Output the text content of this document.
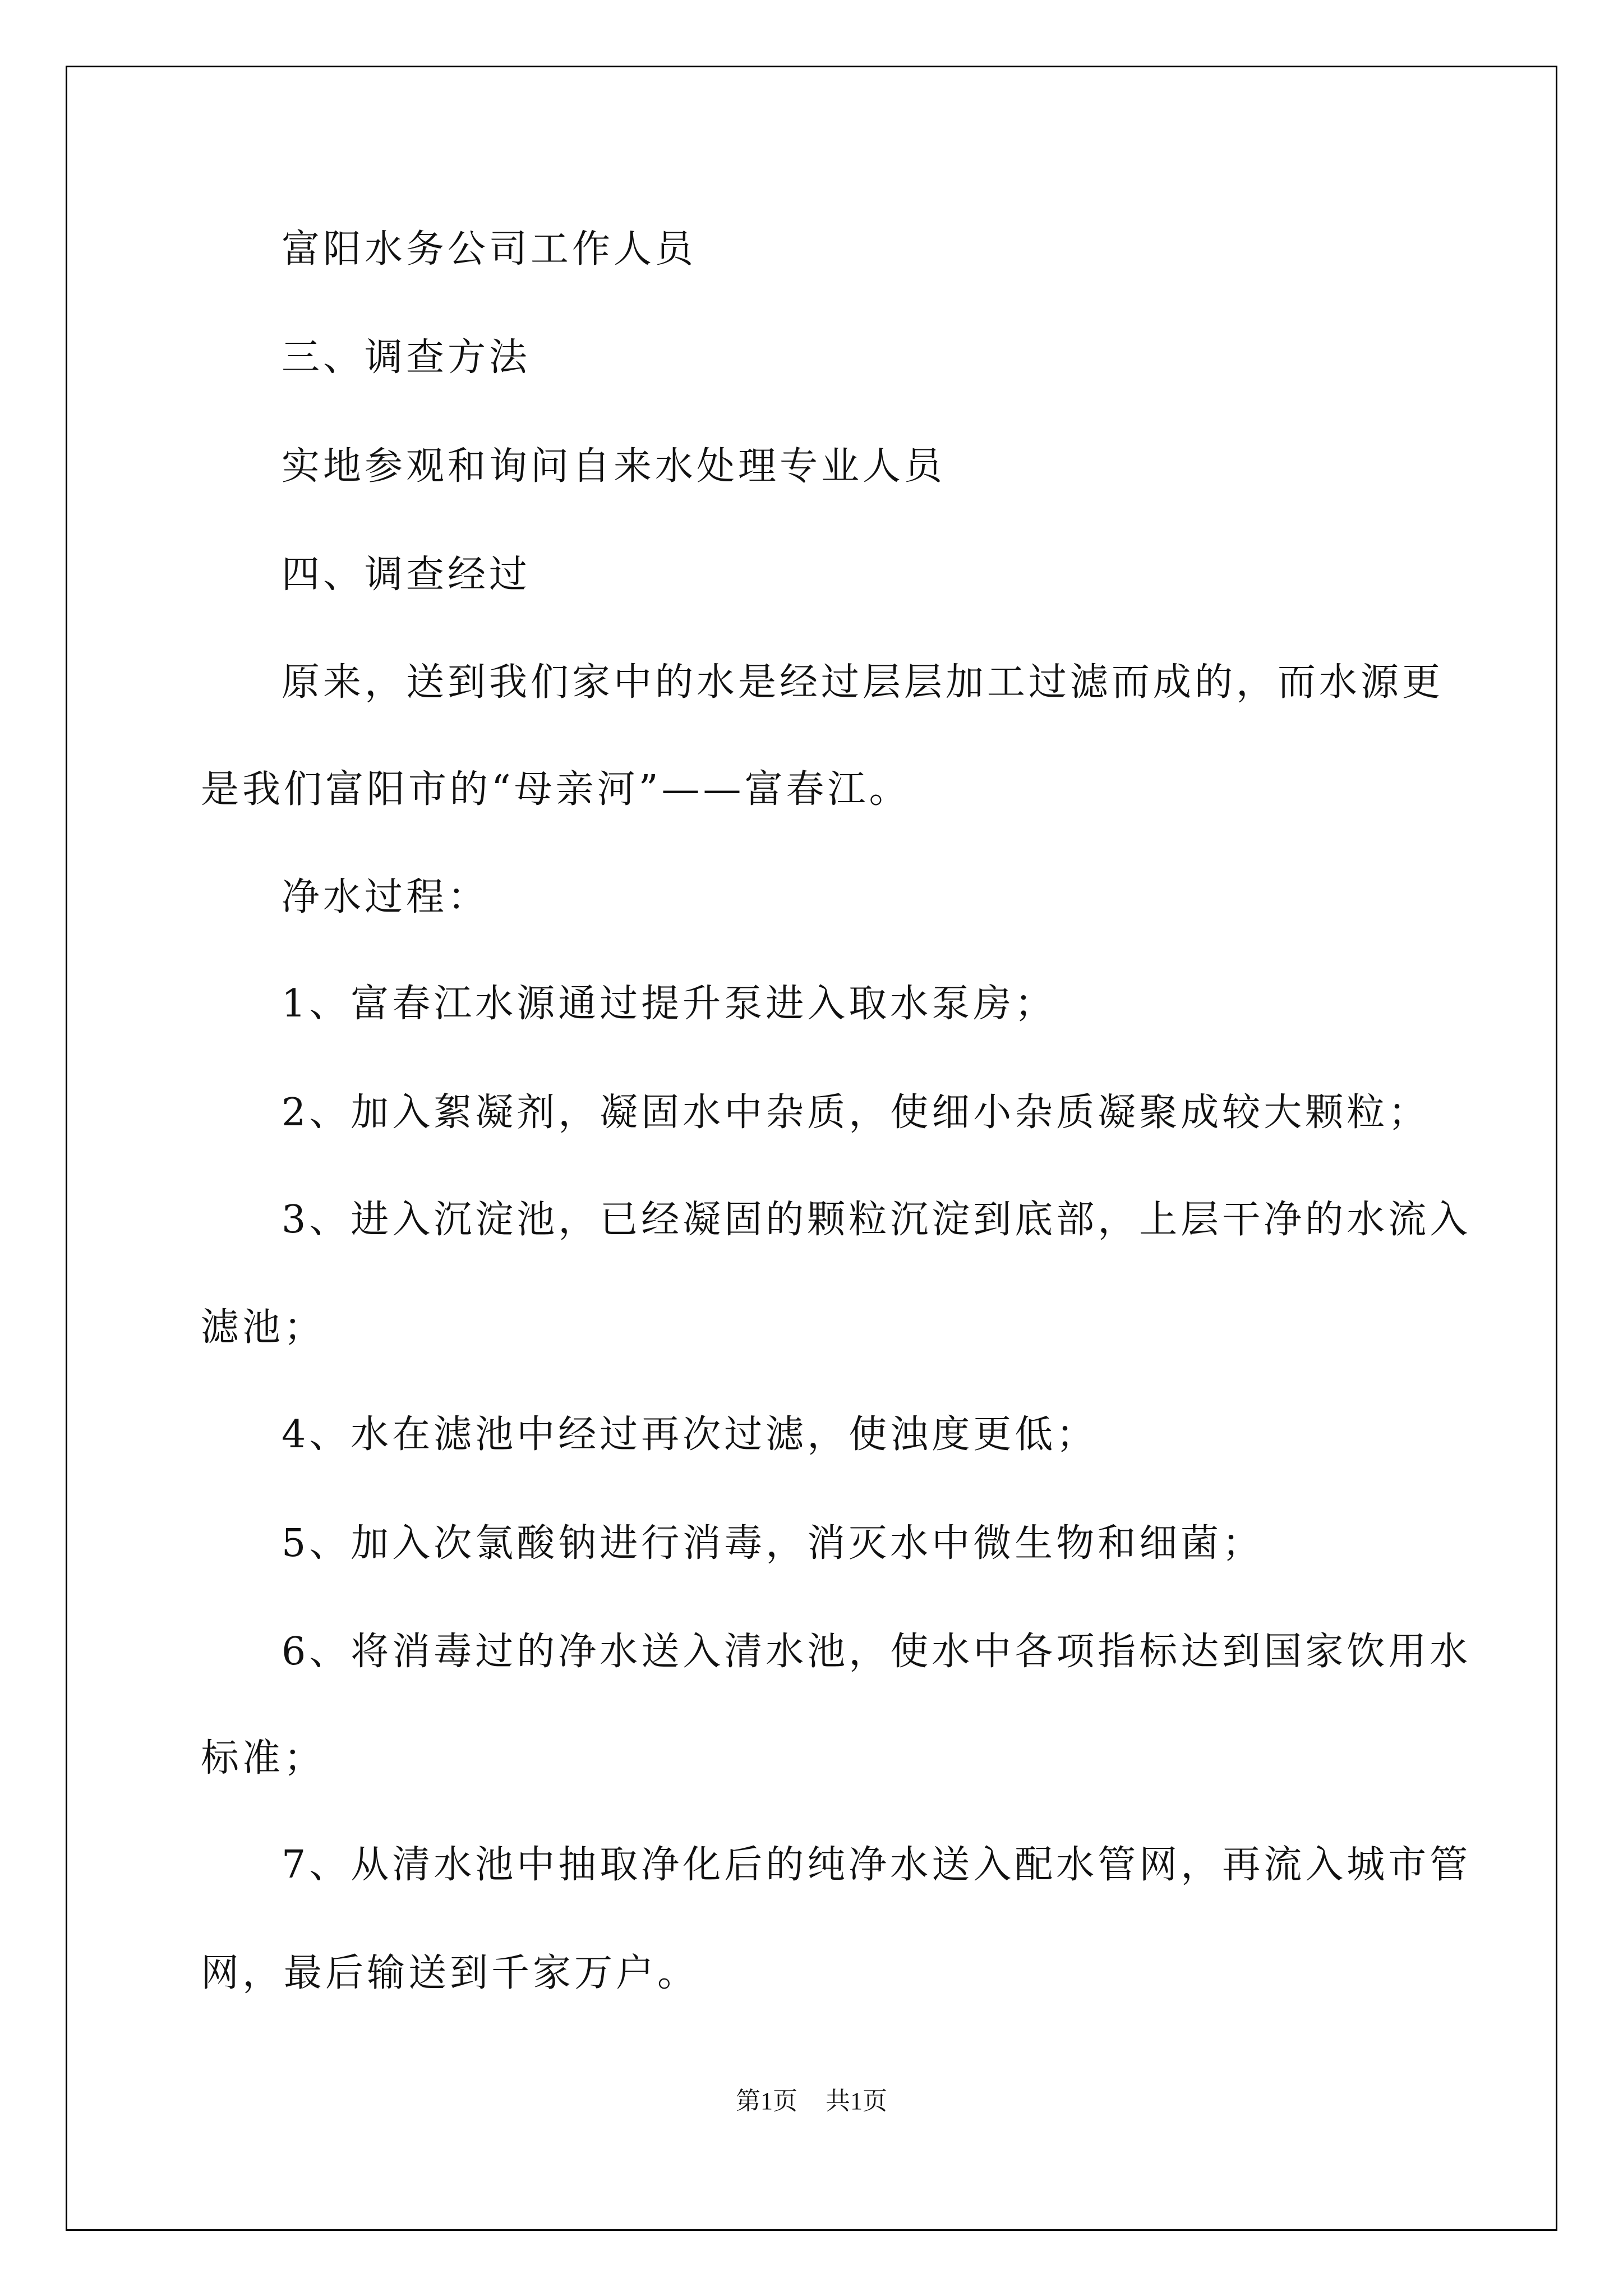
富阳水务公司工作人员

三、调查方法

实地参观和询问自来水处理专业人员

四、调查经过

原来，送到我们家中的水是经过层层加工过滤而成的，而水源更

是我们富阳市的“母亲河”——富春江。

净水过程：

1、富春江水源通过提升泵进入取水泵房；

2、加入絮凝剂，凝固水中杂质，使细小杂质凝聚成较大颗粒；

3、进入沉淀池，已经凝固的颗粒沉淀到底部，上层干净的水流入

滤池；

4、水在滤池中经过再次过滤，使浊度更低；

5、加入次氯酸钠进行消毒，消灭水中微生物和细菌；

6、将消毒过的净水送入清水池，使水中各项指标达到国家饮用水

标准；

7、从清水池中抽取净化后的纯净水送入配水管网，再流入城市管

网，最后输送到千家万户。

第1页 共1页
